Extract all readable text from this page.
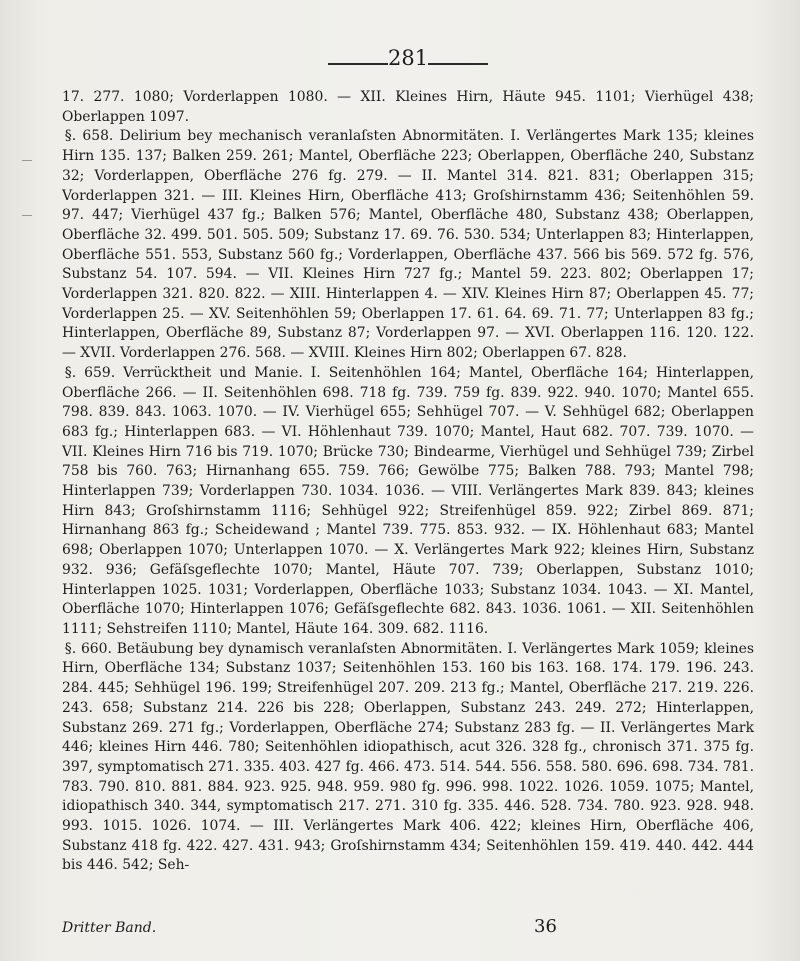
281

17. 277. 1080; Vorderlappen 1080. — XII. Kleines Hirn, Häute 945. 1101; Vierhügel 438; Oberlappen 1097.

§. 658. Delirium bey mechanisch veranlaſsten Abnormitäten. I. Verlängertes Mark 135; kleines Hirn 135. 137; Balken 259. 261; Mantel, Oberfläche 223; Oberlappen, Oberfläche 240, Substanz 32; Vorderlappen, Oberfläche 276 fg. 279. — II. Mantel 314. 821. 831; Oberlappen 315; Vorderlappen 321. — III. Kleines Hirn, Oberfläche 413; Groſshirnstamm 436; Seitenhöhlen 59. 97. 447; Vierhügel 437 fg.; Balken 576; Mantel, Oberfläche 480, Substanz 438; Oberlappen, Oberfläche 32. 499. 501. 505. 509; Substanz 17. 69. 76. 530. 534; Unterlappen 83; Hinterlappen, Oberfläche 551. 553, Substanz 560 fg.; Vorderlappen, Oberfläche 437. 566 bis 569. 572 fg. 576, Substanz 54. 107. 594. — VII. Kleines Hirn 727 fg.; Mantel 59. 223. 802; Oberlappen 17; Vorderlappen 321. 820. 822. — XIII. Hinterlappen 4. — XIV. Kleines Hirn 87; Oberlappen 45. 77; Vorderlappen 25. — XV. Seitenhöhlen 59; Oberlappen 17. 61. 64. 69. 71. 77; Unterlappen 83 fg.; Hinterlappen, Oberfläche 89, Substanz 87; Vorderlappen 97. — XVI. Oberlappen 116. 120. 122. — XVII. Vorderlappen 276. 568. — XVIII. Kleines Hirn 802; Oberlappen 67. 828.

§. 659. Verrücktheit und Manie. I. Seitenhöhlen 164; Mantel, Oberfläche 164; Hinterlappen, Oberfläche 266. — II. Seitenhöhlen 698. 718 fg. 739. 759 fg. 839. 922. 940. 1070; Mantel 655. 798. 839. 843. 1063. 1070. — IV. Vierhügel 655; Sehhügel 707. — V. Sehhügel 682; Oberlappen 683 fg.; Hinterlappen 683. — VI. Höhlenhaut 739. 1070; Mantel, Haut 682. 707. 739. 1070. — VII. Kleines Hirn 716 bis 719. 1070; Brücke 730; Bindearme, Vierhügel und Sehhügel 739; Zirbel 758 bis 760. 763; Hirnanhang 655. 759. 766; Gewölbe 775; Balken 788. 793; Mantel 798; Hinterlappen 739; Vorderlappen 730. 1034. 1036. — VIII. Verlängertes Mark 839. 843; kleines Hirn 843; Groſshirnstamm 1116; Sehhügel 922; Streifenhügel 859. 922; Zirbel 869. 871; Hirnanhang 863 fg.; Scheidewand ; Mantel 739. 775. 853. 932. — IX. Höhlenhaut 683; Mantel 698; Oberlappen 1070; Unterlappen 1070. — X. Verlängertes Mark 922; kleines Hirn, Substanz 932. 936; Gefäſsgeflechte 1070; Mantel, Häute 707. 739; Oberlappen, Substanz 1010; Hinterlappen 1025. 1031; Vorderlappen, Oberfläche 1033; Substanz 1034. 1043. — XI. Mantel, Oberfläche 1070; Hinterlappen 1076; Gefäſsgeflechte 682. 843. 1036. 1061. — XII. Seitenhöhlen 1111; Sehstreifen 1110; Mantel, Häute 164. 309. 682. 1116.

§. 660. Betäubung bey dynamisch veranlaſsten Abnormitäten. I. Verlängertes Mark 1059; kleines Hirn, Oberfläche 134; Substanz 1037; Seitenhöhlen 153. 160 bis 163. 168. 174. 179. 196. 243. 284. 445; Sehhügel 196. 199; Streifenhügel 207. 209. 213 fg.; Mantel, Oberfläche 217. 219. 226. 243. 658; Substanz 214. 226 bis 228; Oberlappen, Substanz 243. 249. 272; Hinterlappen, Substanz 269. 271 fg.; Vorderlappen, Oberfläche 274; Substanz 283 fg. — II. Verlängertes Mark 446; kleines Hirn 446. 780; Seitenhöhlen idiopathisch, acut 326. 328 fg., chronisch 371. 375 fg. 397, symptomatisch 271. 335. 403. 427 fg. 466. 473. 514. 544. 556. 558. 580. 696. 698. 734. 781. 783. 790. 810. 881. 884. 923. 925. 948. 959. 980 fg. 996. 998. 1022. 1026. 1059. 1075; Mantel, idiopathisch 340. 344, symptomatisch 217. 271. 310 fg. 335. 446. 528. 734. 780. 923. 928. 948. 993. 1015. 1026. 1074. — III. Verlängertes Mark 406. 422; kleines Hirn, Oberfläche 406, Substanz 418 fg. 422. 427. 431. 943; Groſshirnstamm 434; Seitenhöhlen 159. 419. 440. 442. 444 bis 446. 542; Seh-

Dritter Band.	36
